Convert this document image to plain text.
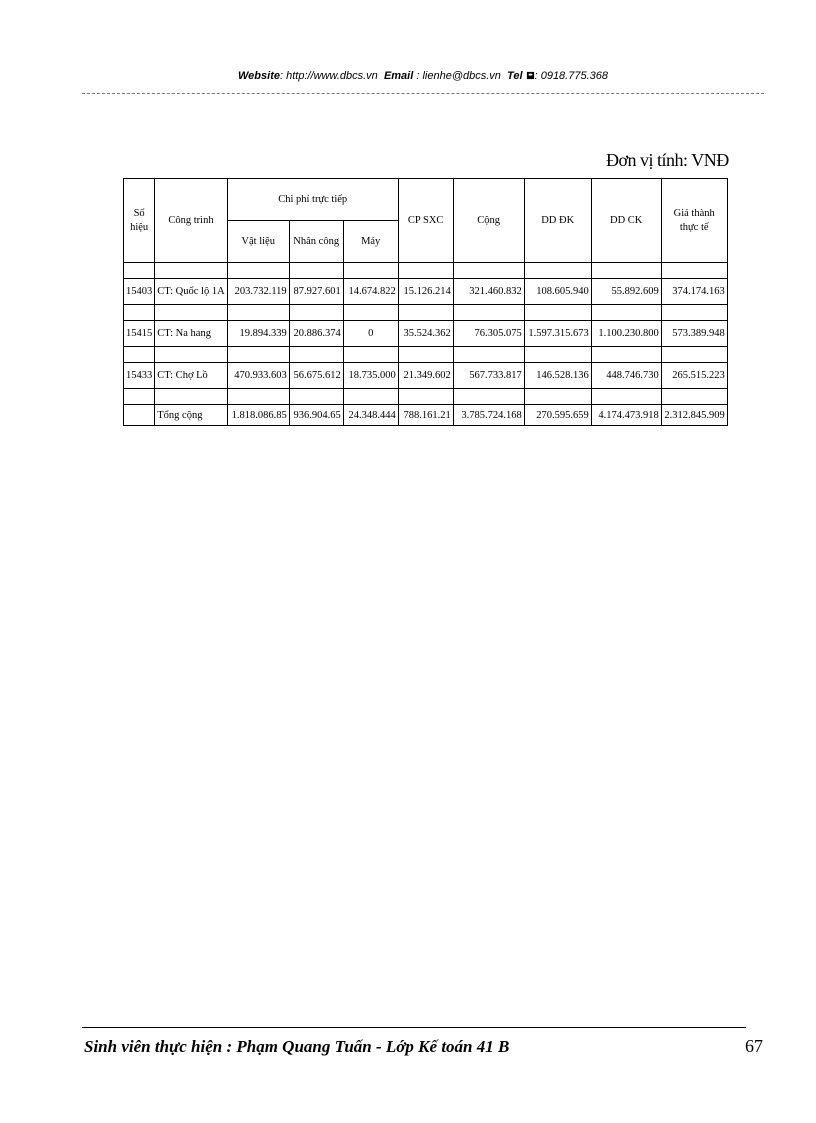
Website: http://www.dbcs.vn Email : lienhe@dbcs.vn Tel : 0918.775.368
Đơn vị tính: VNĐ
Số hiệu	Công trình	Chi phí trực tiếp			CP SXC	Cộng	DD ĐK	DD CK	Giá thành thực tế
		Vật liệu	Nhân công	Máy					

15403	CT: Quốc lộ 1A	203.732.119	87.927.601	14.674.822	15.126.214	321.460.832	108.605.940	55.892.609	374.174.163

15415	CT: Na hang	19.894.339	20.886.374	0	35.524.362	76.305.075	1.597.315.673	1.100.230.800	573.389.948

15433	CT: Chợ Lồ	470.933.603	56.675.612	18.735.000	21.349.602	567.733.817	146.528.136	448.746.730	265.515.223

	Tổng cộng	1.818.086.85	936.904.65	24.348.444	788.161.21	3.785.724.168	270.595.659	4.174.473.918	2.312.845.909
Sinh viên thực hiện : Phạm Quang Tuấn - Lớp Kế toán 41 B	67
